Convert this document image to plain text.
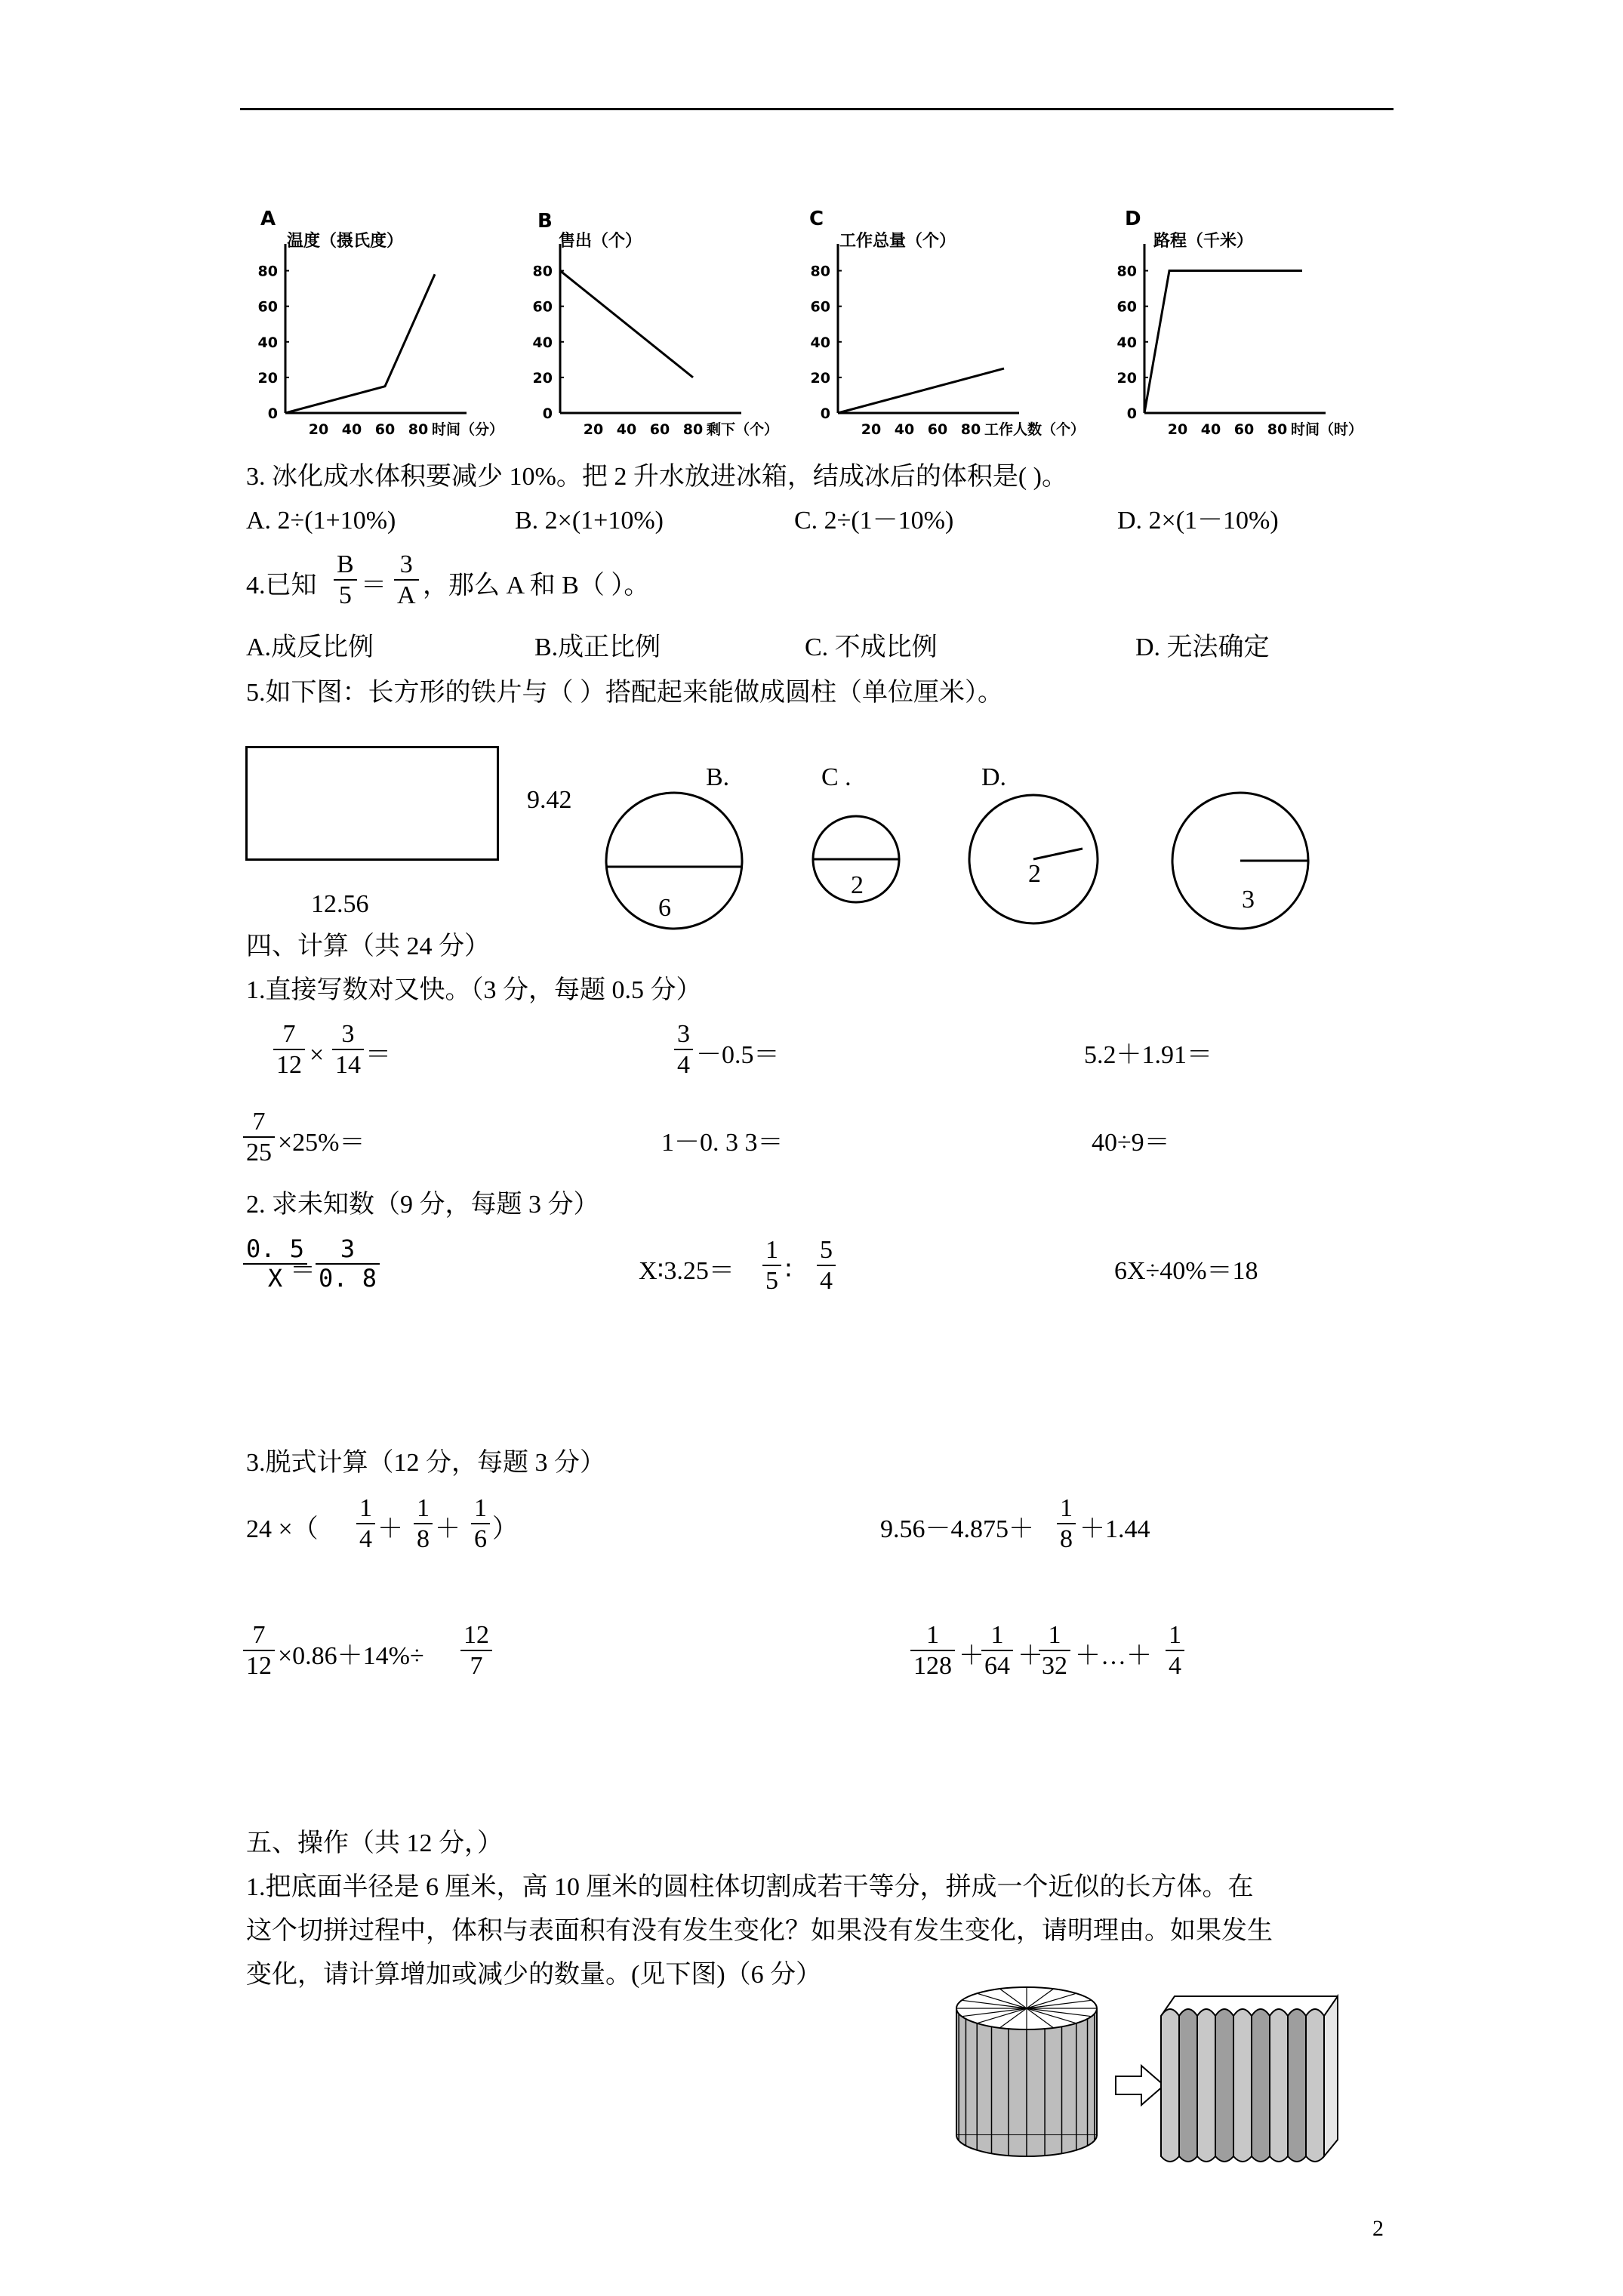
A
温度（摄氏度）
B
售出（个）
C
工作总量（个）
D
路程（千米）
80
60
40
20
0
20 40 60 80 时间（分）
80
60
40
20
0
20 40 60 80 剩下（个）
80
60
40
20
0
20 40 60 80 工作人数（个）
80
60
40
20
0
20 40 60 80 时间（时）
3. 冰化成水体积要减少 10%。把 2 升水放进冰箱，结成冰后的体积是( )。
A. 2÷(1+10%)	B. 2×(1+10%)	C. 2÷(1－10%)	D. 2×(1－10%)
4.已知 $\frac{B}{5} = \frac{3}{A}$ ，那么 A 和 B（ ）。
A.成反比例	B.成正比例	C. 不成比例	D. 无法确定
5.如下图：长方形的铁片与（ ）搭配起来能做成圆柱（单位厘米）。
9.42
12.56
B.	C .	D.
6
2	2
3
四、计算（共 24 分）
1.直接写数对又快。（3 分，每题 0.5 分）
$\frac{7}{12} \times \frac{3}{14}$ ＝	$\frac{3}{4} -0.5=$	5.2＋1.91＝
$\frac{7}{25} \times 25\%=$	1－0. 3 3＝	40÷9＝
2. 求未知数（9 分，每题 3 分）
$\frac{0. 5}{X}$
＝ $\frac{3}{0. 8}$	X∶3.25＝ $\frac{1}{5}$ ∶ $\frac{5}{4}$	6X÷40%＝18
3.脱式计算（12 分，每题 3 分）
24 ×（ $\frac{1}{4} + \frac{1}{8} + \frac{1}{6}$ ）	$9.56-4.875+ \frac{1}{8} +1.44$
$\frac{7}{12} \times 0.86+14\%\div \frac{12}{7}$	$\frac{1}{128}$ ＋
$\frac{1}{64}$ ＋
$\frac{1}{32}$ ＋…＋ $\frac{1}{4}$
五、操作（共 12 分，）
1.把底面半径是 6 厘米，高 10 厘米的圆柱体切割成若干等分，拼成一个近似的长方体。在
这个切拼过程中，体积与表面积有没有发生变化？如果没有发生变化，请明理由。如果发生
变化，请计算增加或减少的数量。(见下图)（6 分）
2
